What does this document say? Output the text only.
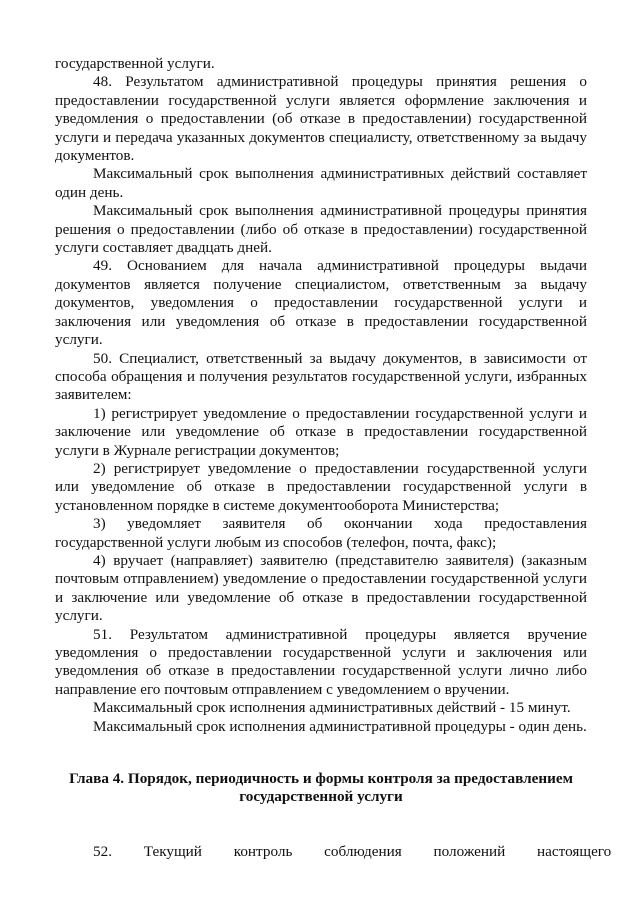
государственной услуги.

48. Результатом административной процедуры принятия решения о предоставлении государственной услуги является оформление заключения и уведомления о предоставлении (об отказе в предоставлении) государственной услуги и передача указанных документов специалисту, ответственному за выдачу документов.

Максимальный срок выполнения административных действий составляет один день.

Максимальный срок выполнения административной процедуры принятия решения о предоставлении (либо об отказе в предоставлении) государственной услуги составляет двадцать дней.

49. Основанием для начала административной процедуры выдачи документов является получение специалистом, ответственным за выдачу документов, уведомления о предоставлении государственной услуги и заключения или уведомления об отказе в предоставлении государственной услуги.

50. Специалист, ответственный за выдачу документов, в зависимости от способа обращения и получения результатов государственной услуги, избранных заявителем:

1) регистрирует уведомление о предоставлении государственной услуги и заключение или уведомление об отказе в предоставлении государственной услуги в Журнале регистрации документов;

2) регистрирует уведомление о предоставлении государственной услуги или уведомление об отказе в предоставлении государственной услуги в установленном порядке в системе документооборота Министерства;

3) уведомляет заявителя об окончании хода предоставления государственной услуги любым из способов (телефон, почта, факс);

4) вручает (направляет) заявителю (представителю заявителя) (заказным почтовым отправлением) уведомление о предоставлении государственной услуги и заключение или уведомление об отказе в предоставлении государственной услуги.

51. Результатом административной процедуры является вручение уведомления о предоставлении государственной услуги и заключения или уведомления об отказе в предоставлении государственной услуги лично либо направление его почтовым отправлением с уведомлением о вручении.

Максимальный срок исполнения административных действий - 15 минут.

Максимальный срок исполнения административной процедуры - один день.

Глава 4. Порядок, периодичность и формы контроля за предоставлением
государственной услуги

52. Текущий контроль соблюдения положений настоящего
